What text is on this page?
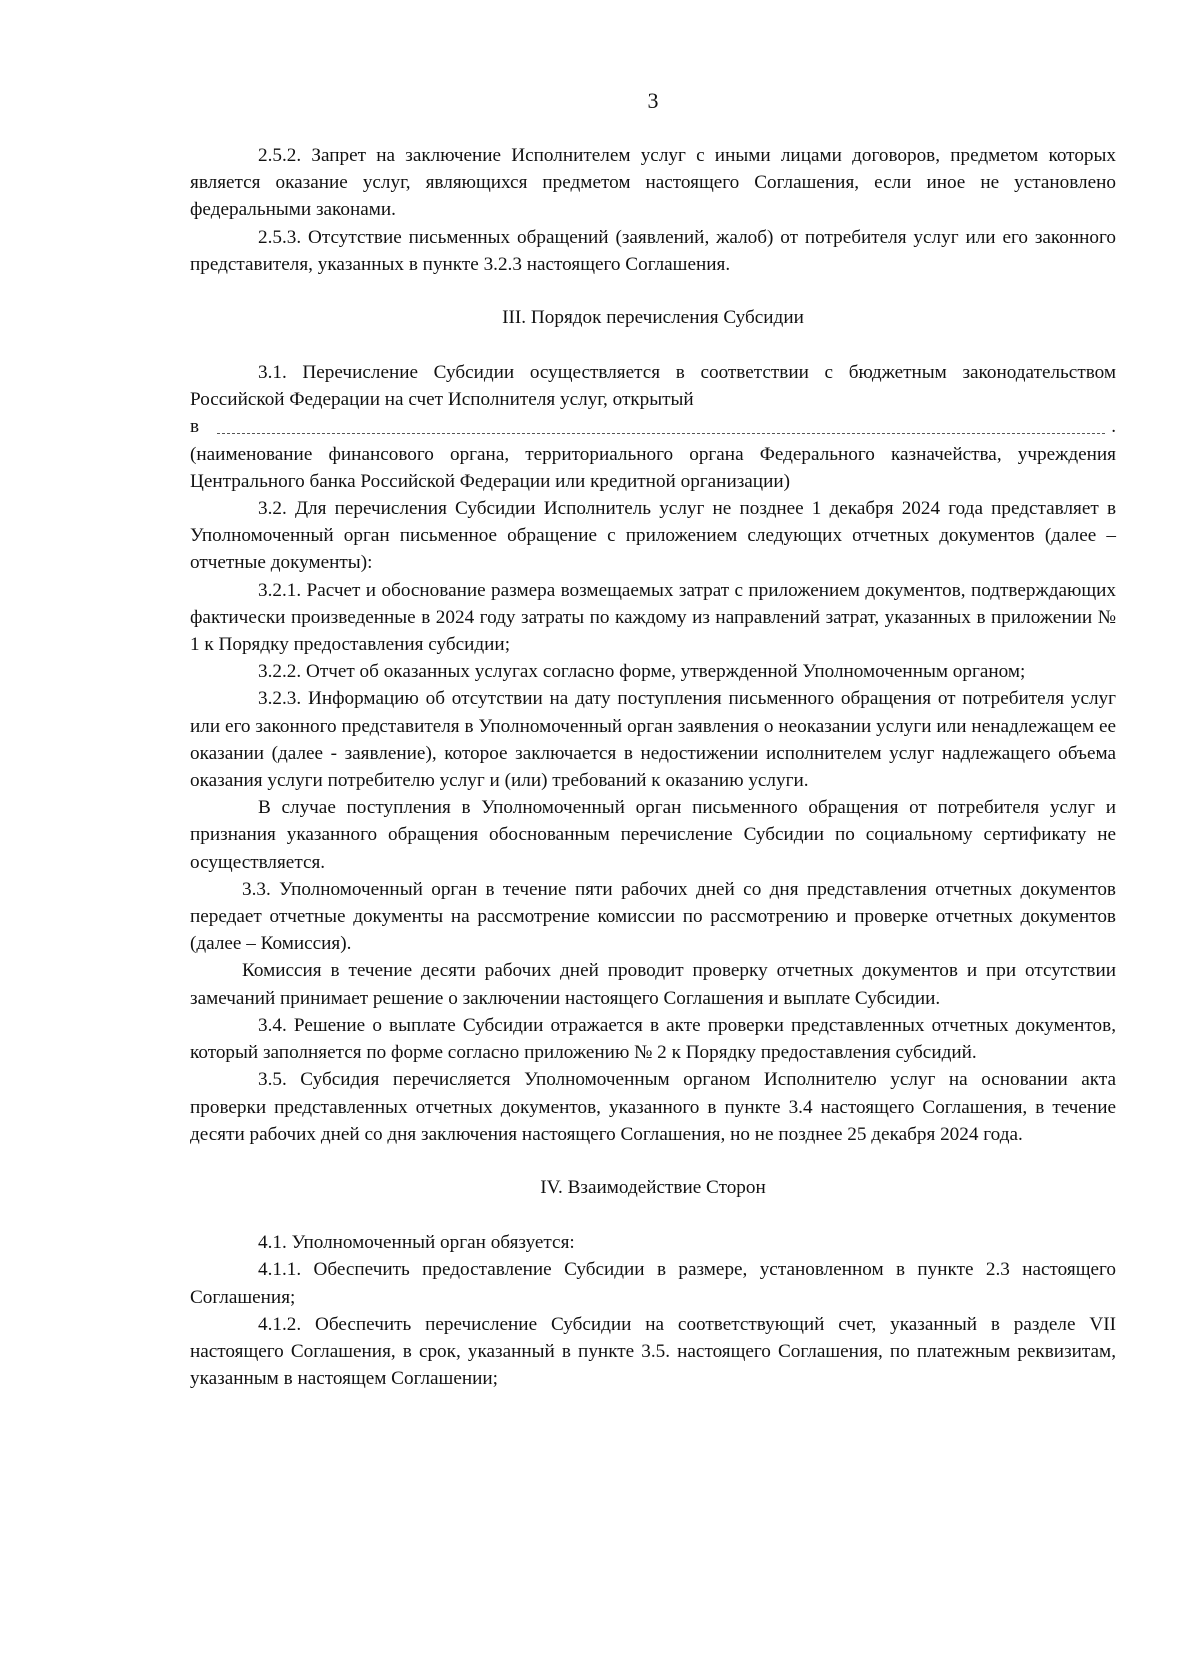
3

2.5.2. Запрет на заключение Исполнителем услуг с иными лицами договоров, предметом которых является оказание услуг, являющихся предметом настоящего Соглашения, если иное не установлено федеральными законами.

2.5.3. Отсутствие письменных обращений (заявлений, жалоб) от потребителя услуг или его законного представителя, указанных в пункте 3.2.3 настоящего Соглашения.

III. Порядок перечисления Субсидии

3.1. Перечисление Субсидии осуществляется в соответствии с бюджетным законодательством Российской Федерации на счет Исполнителя услуг, открытый

в	.

(наименование финансового органа, территориального органа Федерального казначейства, учреждения Центрального банка Российской Федерации или кредитной организации)

3.2. Для перечисления Субсидии Исполнитель услуг не позднее 1 декабря 2024 года представляет в Уполномоченный орган письменное обращение с приложением следующих отчетных документов (далее – отчетные документы):

3.2.1. Расчет и обоснование размера возмещаемых затрат с приложением документов, подтверждающих фактически произведенные в 2024 году затраты по каждому из направлений затрат, указанных в приложении № 1 к Порядку предоставления субсидии;

3.2.2. Отчет об оказанных услугах согласно форме, утвержденной Уполномоченным органом;

3.2.3. Информацию об отсутствии на дату поступления письменного обращения от потребителя услуг или его законного представителя в Уполномоченный орган заявления о неоказании услуги или ненадлежащем ее оказании (далее - заявление), которое заключается в недостижении исполнителем услуг надлежащего объема оказания услуги потребителю услуг и (или) требований к оказанию услуги.

В случае поступления в Уполномоченный орган письменного обращения от потребителя услуг и признания указанного обращения обоснованным перечисление Субсидии по социальному сертификату не осуществляется.

3.3. Уполномоченный орган в течение пяти рабочих дней со дня представления отчетных документов передает отчетные документы на рассмотрение комиссии по рассмотрению и проверке отчетных документов (далее – Комиссия).

Комиссия в течение десяти рабочих дней проводит проверку отчетных документов и при отсутствии замечаний принимает решение о заключении настоящего Соглашения и выплате Субсидии.

3.4. Решение о выплате Субсидии отражается в акте проверки представленных отчетных документов, который заполняется по форме согласно приложению № 2 к Порядку предоставления субсидий.

3.5. Субсидия перечисляется Уполномоченным органом Исполнителю услуг на основании акта проверки представленных отчетных документов, указанного в пункте 3.4 настоящего Соглашения, в течение десяти рабочих дней со дня заключения настоящего Соглашения, но не позднее 25 декабря 2024 года.

IV. Взаимодействие Сторон

4.1. Уполномоченный орган обязуется:

4.1.1. Обеспечить предоставление Субсидии в размере, установленном в пункте 2.3 настоящего Соглашения;

4.1.2. Обеспечить перечисление Субсидии на соответствующий счет, указанный в разделе VII настоящего Соглашения, в срок, указанный в пункте 3.5. настоящего Соглашения, по платежным реквизитам, указанным в настоящем Соглашении;
